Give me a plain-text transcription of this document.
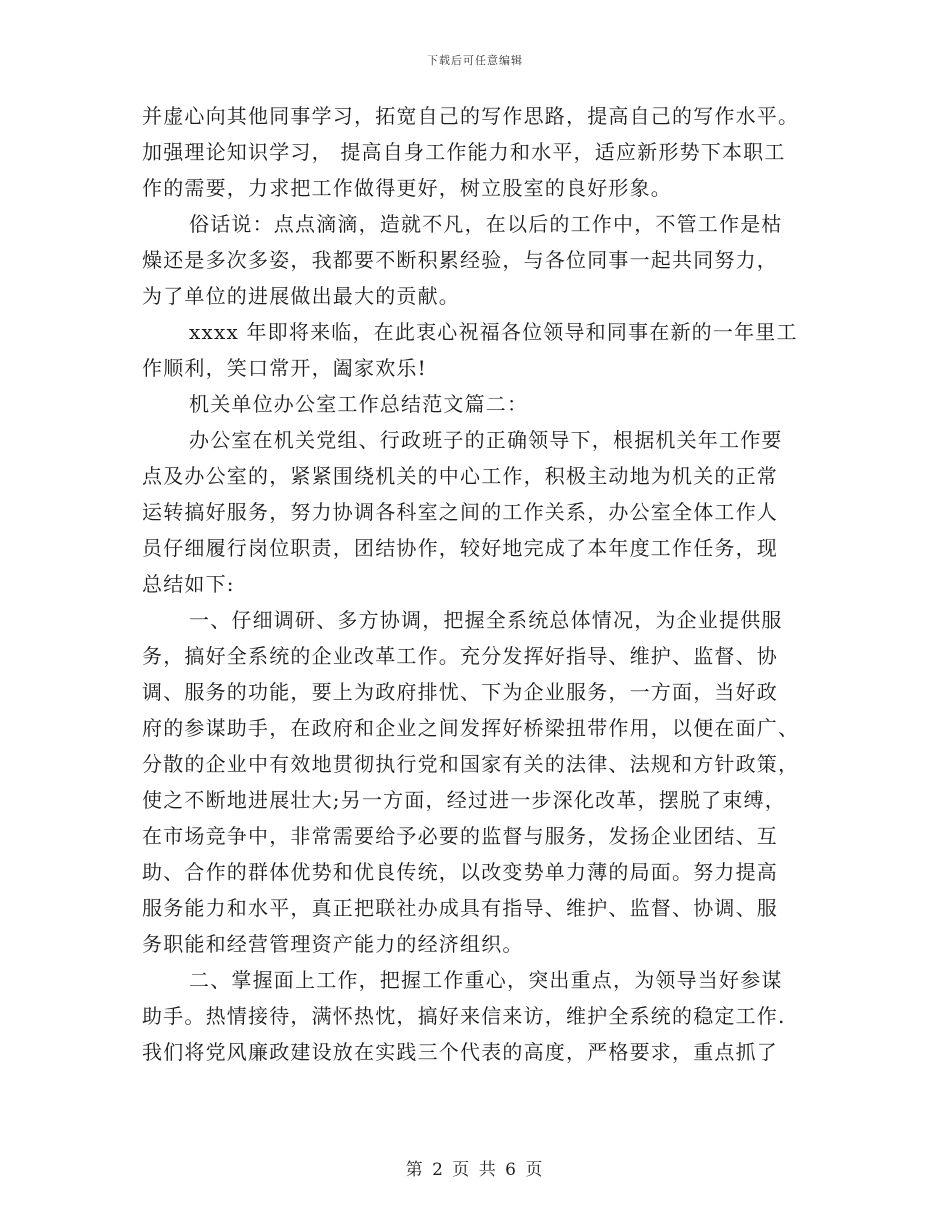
下载后可任意编辑
并虚心向其他同事学习，拓宽自己的写作思路，提高自己的写作水平。
加强理论知识学习， 提高自身工作能力和水平，适应新形势下本职工
作的需要，力求把工作做得更好，树立股室的良好形象。
俗话说：点点滴滴，造就不凡，在以后的工作中，不管工作是枯
燥还是多次多姿，我都要不断积累经验，与各位同事一起共同努力，
为了单位的进展做出最大的贡献。
xxxx 年即将来临，在此衷心祝福各位领导和同事在新的一年里工
作顺利，笑口常开，阖家欢乐!
机关单位办公室工作总结范文篇二：
办公室在机关党组、行政班子的正确领导下，根据机关年工作要
点及办公室的，紧紧围绕机关的中心工作，积极主动地为机关的正常
运转搞好服务，努力协调各科室之间的工作关系，办公室全体工作人
员仔细履行岗位职责，团结协作，较好地完成了本年度工作任务，现
总结如下:
一、仔细调研、多方协调，把握全系统总体情况，为企业提供服
务，搞好全系统的企业改革工作。充分发挥好指导、维护、监督、协
调、服务的功能，要上为政府排忧、下为企业服务，一方面，当好政
府的参谋助手，在政府和企业之间发挥好桥梁扭带作用，以便在面广、
分散的企业中有效地贯彻执行党和国家有关的法律、法规和方针政策，
使之不断地进展壮大;另一方面，经过进一步深化改革，摆脱了束缚，
在市场竞争中，非常需要给予必要的监督与服务，发扬企业团结、互
助、合作的群体优势和优良传统，以改变势单力薄的局面。努力提高
服务能力和水平，真正把联社办成具有指导、维护、监督、协调、服
务职能和经营管理资产能力的经济组织。
二、掌握面上工作，把握工作重心，突出重点，为领导当好参谋
助手。热情接待，满怀热忱，搞好来信来访，维护全系统的稳定工作.
我们将党风廉政建设放在实践三个代表的高度，严格要求，重点抓了
第 2 页 共 6 页
